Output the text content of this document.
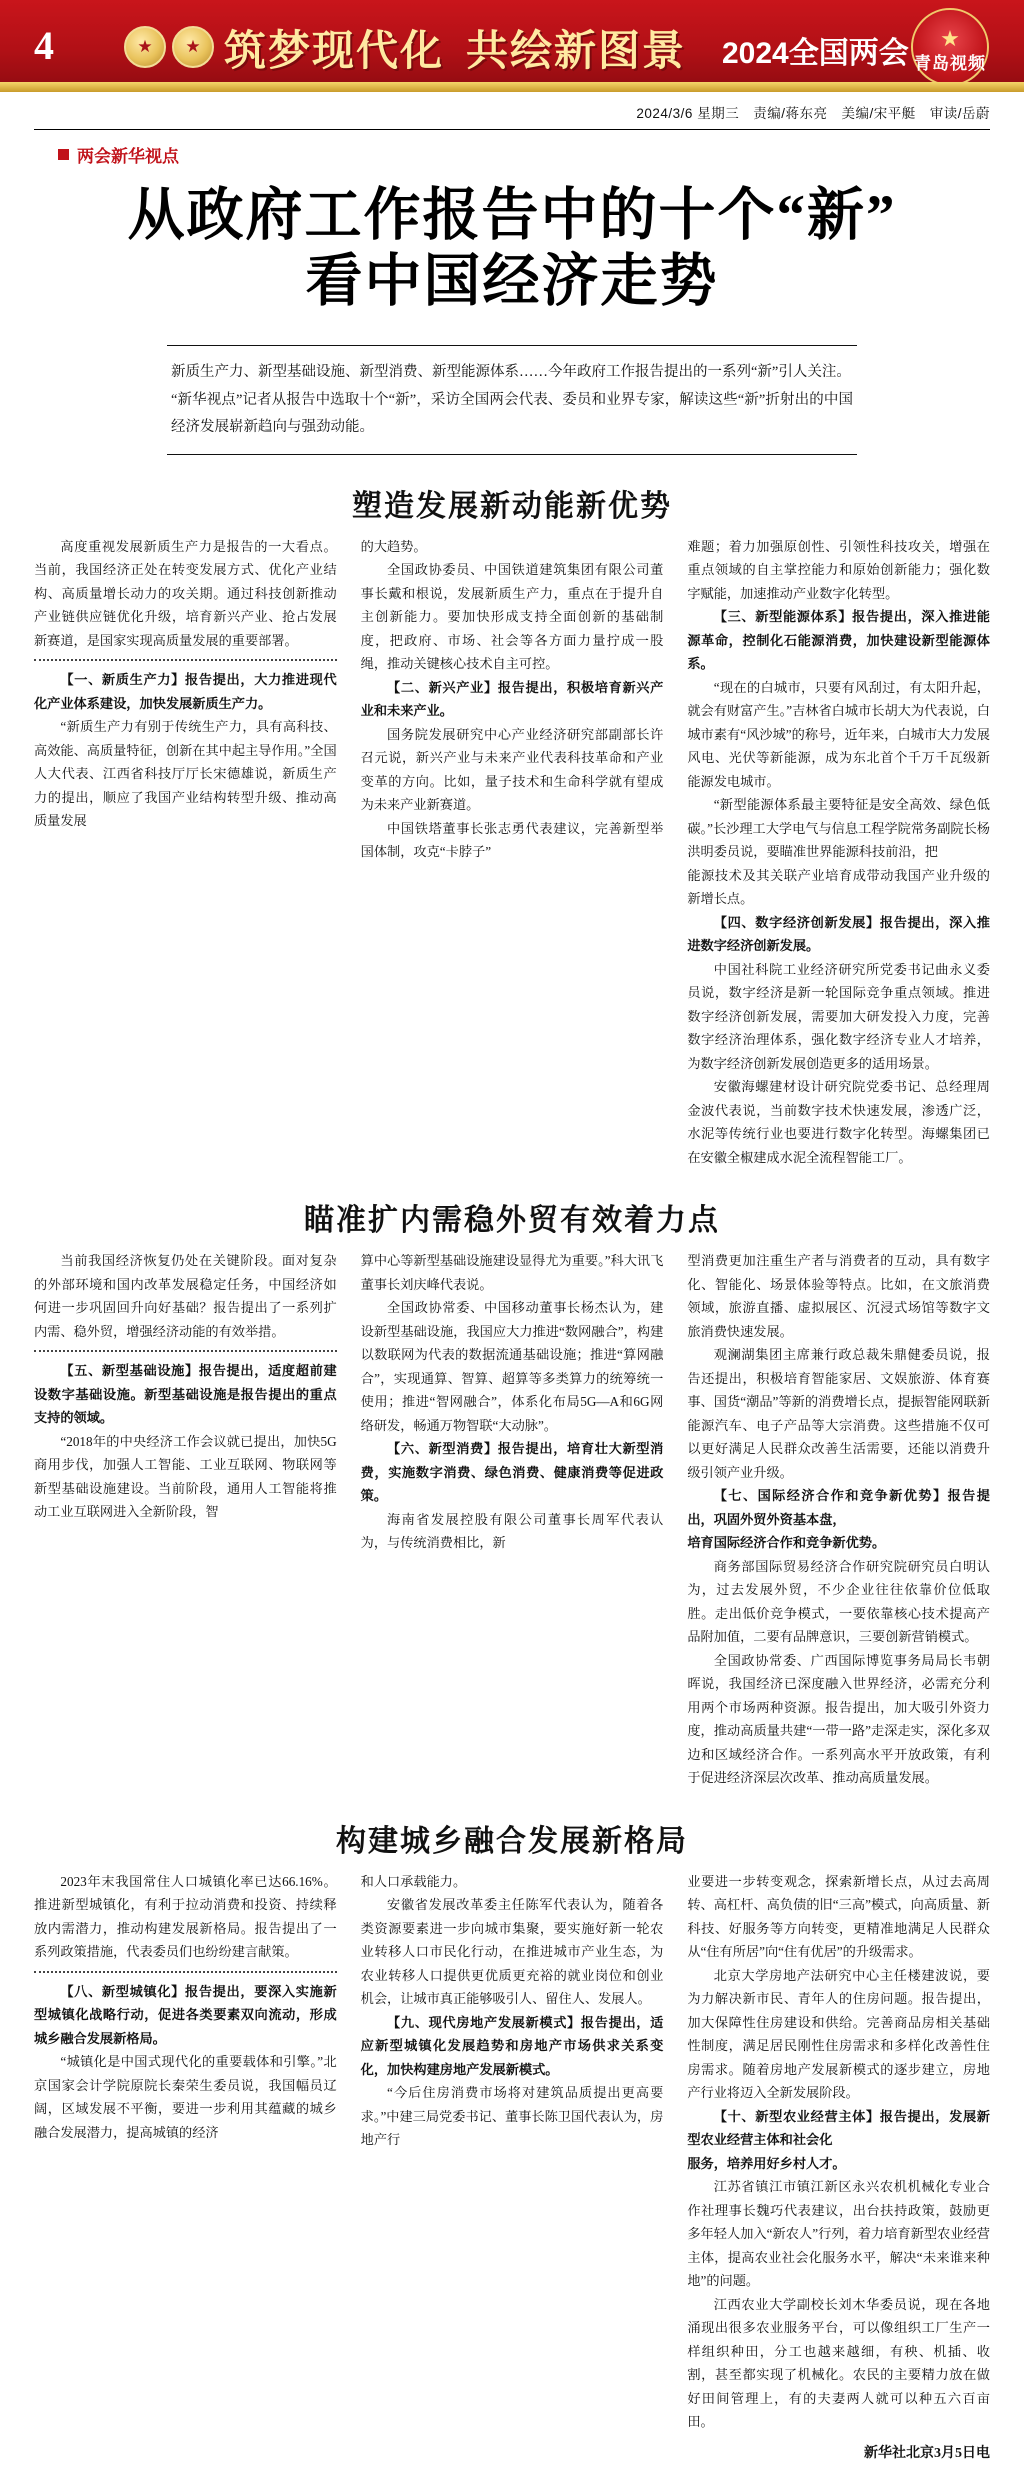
4 ★ ★	筑梦现代化 共绘新图景 2024全国两会 ★ 青岛视频
2024/3/6 星期三 责编/蒋东亮 美编/宋平艇 审读/岳蔚
两会新华视点
从政府工作报告中的十个“新”
看中国经济走势

新质生产力、新型基础设施、新型消费、新型能源体系……今年政府工作报告提出的一系列“新”引人关注。

“新华视点”记者从报告中选取十个“新”，采访全国两会代表、委员和业界专家，解读这些“新”折射出的中国经济发展崭新趋向与强劲动能。

塑造发展新动能新优势

高度重视发展新质生产力是报告的一大看点。当前，我国经济正处在转变发展方式、优化产业结构、高质量增长动力的攻关期。通过科技创新推动产业链供应链优化升级，培育新兴产业、抢占发展新赛道，是国家实现高质量发展的重要部署。

【一、新质生产力】报告提出，大力推进现代化产业体系建设，加快发展新质生产力。

“新质生产力有别于传统生产力，具有高科技、高效能、高质量特征，创新在其中起主导作用。”全国人大代表、江西省科技厅厅长宋德雄说，新质生产力的提出，顺应了我国产业结构转型升级、推动高质量发展

的大趋势。

全国政协委员、中国铁道建筑集团有限公司董事长戴和根说，发展新质生产力，重点在于提升自主创新能力。要加快形成支持全面创新的基础制度，把政府、市场、社会等各方面力量拧成一股绳，推动关键核心技术自主可控。

【二、新兴产业】报告提出，积极培育新兴产业和未来产业。

国务院发展研究中心产业经济研究部副部长许召元说，新兴产业与未来产业代表科技革命和产业变革的方向。比如，量子技术和生命科学就有望成为未来产业新赛道。

中国铁塔董事长张志勇代表建议，完善新型举国体制，攻克“卡脖子”

难题；着力加强原创性、引领性科技攻关，增强在重点领域的自主掌控能力和原始创新能力；强化数字赋能，加速推动产业数字化转型。

【三、新型能源体系】报告提出，深入推进能源革命，控制化石能源消费，加快建设新型能源体系。

“现在的白城市，只要有风刮过，有太阳升起，就会有财富产生。”吉林省白城市长胡大为代表说，白城市素有“风沙城”的称号，近年来，白城市大力发展风电、光伏等新能源，成为东北首个千万千瓦级新能源发电城市。

“新型能源体系最主要特征是安全高效、绿色低碳。”长沙理工大学电气与信息工程学院常务副院长杨洪明委员说，要瞄准世界能源科技前沿，把

能源技术及其关联产业培育成带动我国产业升级的新增长点。

【四、数字经济创新发展】报告提出，深入推进数字经济创新发展。

中国社科院工业经济研究所党委书记曲永义委员说，数字经济是新一轮国际竞争重点领域。推进数字经济创新发展，需要加大研发投入力度，完善数字经济治理体系，强化数字经济专业人才培养，为数字经济创新发展创造更多的适用场景。

安徽海螺建材设计研究院党委书记、总经理周金波代表说，当前数字技术快速发展，渗透广泛，水泥等传统行业也要进行数字化转型。海螺集团已在安徽全椒建成水泥全流程智能工厂。

瞄准扩内需稳外贸有效着力点

当前我国经济恢复仍处在关键阶段。面对复杂的外部环境和国内改革发展稳定任务，中国经济如何进一步巩固回升向好基础？报告提出了一系列扩内需、稳外贸，增强经济动能的有效举措。

【五、新型基础设施】报告提出，适度超前建设数字基础设施。新型基础设施是报告提出的重点支持的领域。

“2018年的中央经济工作会议就已提出，加快5G商用步伐，加强人工智能、工业互联网、物联网等新型基础设施建设。当前阶段，通用人工智能将推动工业互联网进入全新阶段，智

算中心等新型基础设施建设显得尤为重要。”科大讯飞董事长刘庆峰代表说。

全国政协常委、中国移动董事长杨杰认为，建设新型基础设施，我国应大力推进“数网融合”，构建以数联网为代表的数据流通基础设施；推进“算网融合”，实现通算、智算、超算等多类算力的统筹统一使用；推进“智网融合”，体系化布局5G—A和6G网络研发，畅通万物智联“大动脉”。

【六、新型消费】报告提出，培育壮大新型消费，实施数字消费、绿色消费、健康消费等促进政策。

海南省发展控股有限公司董事长周军代表认为，与传统消费相比，新

型消费更加注重生产者与消费者的互动，具有数字化、智能化、场景体验等特点。比如，在文旅消费领域，旅游直播、虚拟展区、沉浸式场馆等数字文旅消费快速发展。

观澜湖集团主席兼行政总裁朱鼎健委员说，报告还提出，积极培育智能家居、文娱旅游、体育赛事、国货“潮品”等新的消费增长点，提振智能网联新能源汽车、电子产品等大宗消费。这些措施不仅可以更好满足人民群众改善生活需要，还能以消费升级引领产业升级。

【七、国际经济合作和竞争新优势】报告提出，巩固外贸外资基本盘，

培育国际经济合作和竞争新优势。

商务部国际贸易经济合作研究院研究员白明认为，过去发展外贸，不少企业往往依靠价位低取胜。走出低价竞争模式，一要依靠核心技术提高产品附加值，二要有品牌意识，三要创新营销模式。

全国政协常委、广西国际博览事务局局长韦朝晖说，我国经济已深度融入世界经济，必需充分利用两个市场两种资源。报告提出，加大吸引外资力度，推动高质量共建“一带一路”走深走实，深化多双边和区域经济合作。一系列高水平开放政策，有利于促进经济深层次改革、推动高质量发展。

构建城乡融合发展新格局

2023年末我国常住人口城镇化率已达66.16%。推进新型城镇化，有利于拉动消费和投资、持续释放内需潜力，推动构建发展新格局。报告提出了一系列政策措施，代表委员们也纷纷建言献策。

【八、新型城镇化】报告提出，要深入实施新型城镇化战略行动，促进各类要素双向流动，形成城乡融合发展新格局。

“城镇化是中国式现代化的重要载体和引擎。”北京国家会计学院原院长秦荣生委员说，我国幅员辽阔，区域发展不平衡，要进一步利用其蕴藏的城乡融合发展潜力，提高城镇的经济

和人口承载能力。

安徽省发展改革委主任陈军代表认为，随着各类资源要素进一步向城市集聚，要实施好新一轮农业转移人口市民化行动，在推进城市产业生态，为农业转移人口提供更优质更充裕的就业岗位和创业机会，让城市真正能够吸引人、留住人、发展人。

【九、现代房地产发展新模式】报告提出，适应新型城镇化发展趋势和房地产市场供求关系变化，加快构建房地产发展新模式。

“今后住房消费市场将对建筑品质提出更高要求。”中建三局党委书记、董事长陈卫国代表认为，房地产行

业要进一步转变观念，探索新增长点，从过去高周转、高杠杆、高负债的旧“三高”模式，向高质量、新科技、好服务等方向转变，更精准地满足人民群众从“住有所居”向“住有优居”的升级需求。

北京大学房地产法研究中心主任楼建波说，要为力解决新市民、青年人的住房问题。报告提出，加大保障性住房建设和供给。完善商品房相关基础性制度，满足居民刚性住房需求和多样化改善性住房需求。随着房地产发展新模式的逐步建立，房地产行业将迈入全新发展阶段。

【十、新型农业经营主体】报告提出，发展新型农业经营主体和社会化

服务，培养用好乡村人才。

江苏省镇江市镇江新区永兴农机机械化专业合作社理事长魏巧代表建议，出台扶持政策，鼓励更多年轻人加入“新农人”行列，着力培育新型农业经营主体，提高农业社会化服务水平，解决“未来谁来种地”的问题。

江西农业大学副校长刘木华委员说，现在各地涌现出很多农业服务平台，可以像组织工厂生产一样组织种田，分工也越来越细，有秧、机插、收割，甚至都实现了机械化。农民的主要精力放在做好田间管理上，有的夫妻两人就可以种五六百亩田。

新华社北京3月5日电
